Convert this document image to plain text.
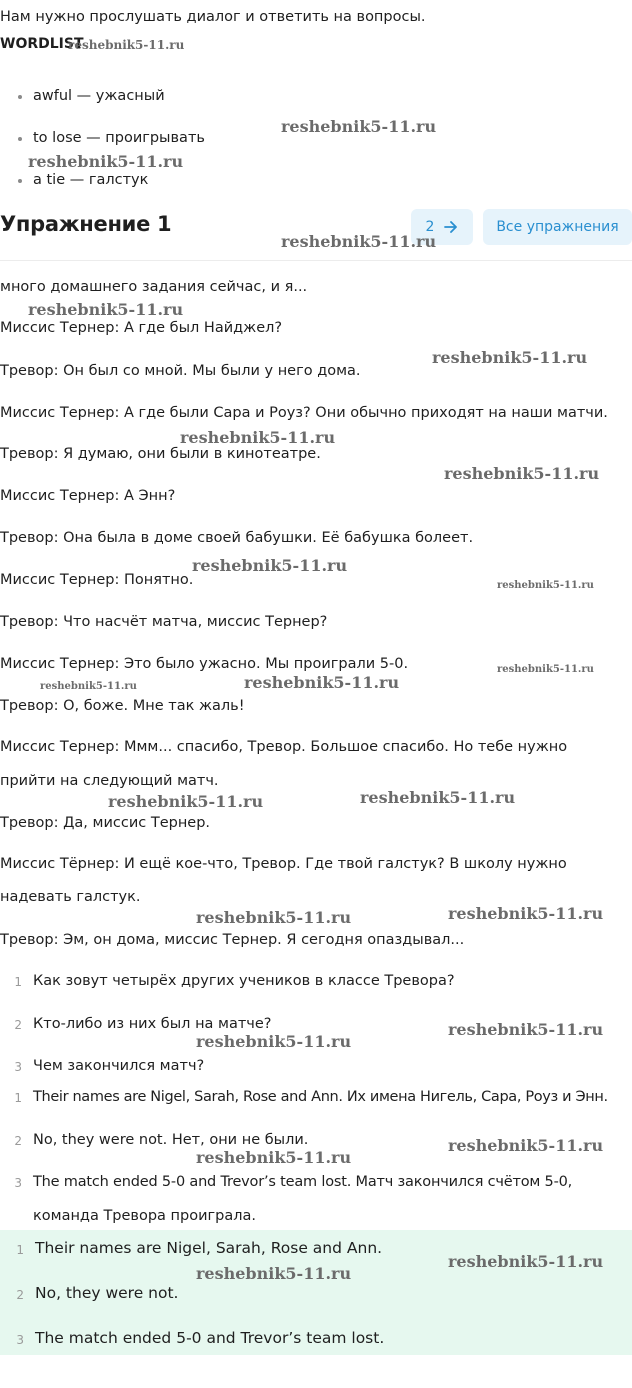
Нам нужно прослушать диалог и ответить на вопросы.
WORDLIST
reshebnik5-11.ru
awful — ужасный
to lose — проигрывать
a tie — галстук
reshebnik5-11.ru
reshebnik5-11.ru
Упражнение 1	2	Все упражнения
reshebnik5-11.ru
много домашнего задания сейчас, и я...
Миссис Тернер: А где был Найджел?
Тревор: Он был со мной. Мы были у него дома.
Миссис Тернер: А где были Сара и Роуз? Они обычно приходят на наши матчи.
Тревор: Я думаю, они были в кинотеатре.
Миссис Тернер: А Энн?
Тревор: Она была в доме своей бабушки. Её бабушка болеет.
Миссис Тернер: Понятно.
Тревор: Что насчёт матча, миссис Тернер?
Миссис Тернер: Это было ужасно. Мы проиграли 5-0.
Тревор: О, боже. Мне так жаль!
Миссис Тернер: Ммм... спасибо, Тревор. Большое спасибо. Но тебе нужно
прийти на следующий матч.
Тревор: Да, миссис Тернер.
Миссис Тёрнер: И ещё кое-что, Тревор. Где твой галстук? В школу нужно
надевать галстук.
Тревор: Эм, он дома, миссис Тернер. Я сегодня опаздывал...
reshebnik5-11.ru
reshebnik5-11.ru
reshebnik5-11.ru
reshebnik5-11.ru
reshebnik5-11.ru
reshebnik5-11.ru
reshebnik5-11.ru
reshebnik5-11.ru	reshebnik5-11.ru
reshebnik5-11.ru	reshebnik5-11.ru
reshebnik5-11.ru	reshebnik5-11.ru
1 Как зовут четырёх других учеников в классе Тревора?
2 Кто-либо из них был на матче?
3 Чем закончился матч?
reshebnik5-11.ru
reshebnik5-11.ru
1 Their names are Nigel, Sarah, Rose and Ann. Их имена Нигель, Сара, Роуз и Энн.
2 No, they were not. Нет, они не были.
3 The match ended 5-0 and Trevor’s team lost. Матч закончился счётом 5-0,
команда Тревора проиграла.
reshebnik5-11.ru
reshebnik5-11.ru
1 Their names are Nigel, Sarah, Rose and Ann.
2 No, they were not.
3 The match ended 5-0 and Trevor’s team lost.
reshebnik5-11.ru
reshebnik5-11.ru
